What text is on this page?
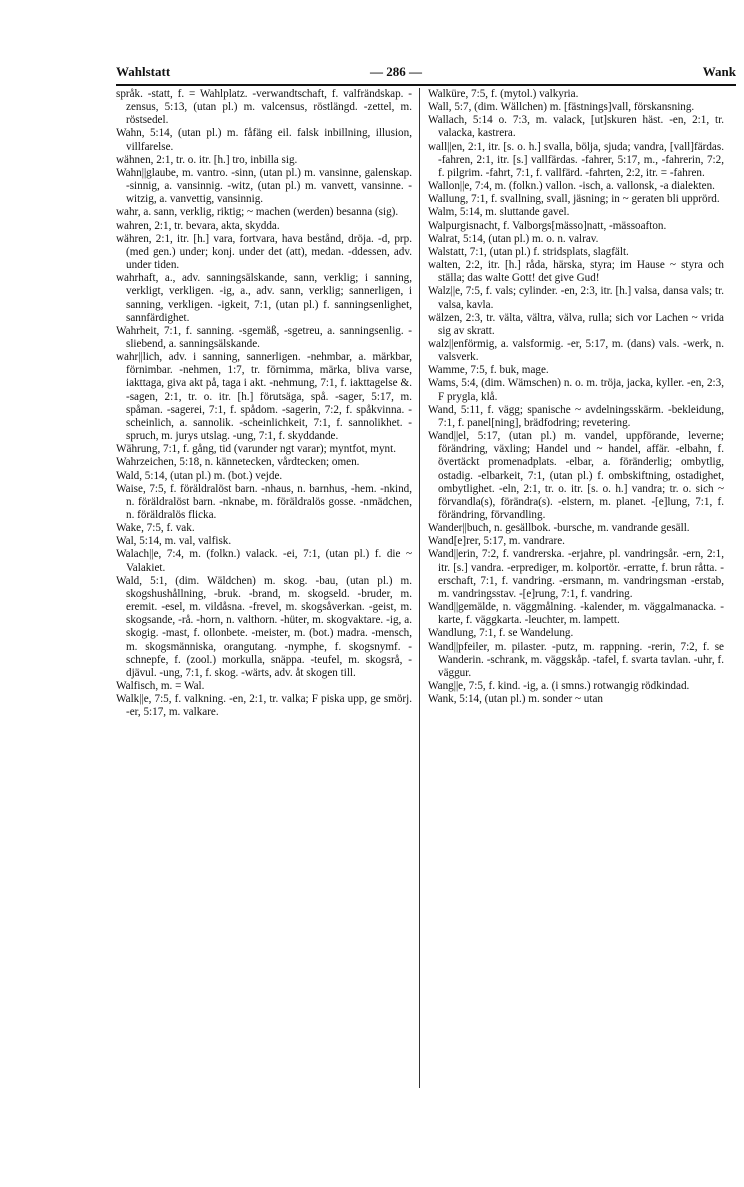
Wahlstatt	— 286 —	Wank

språk. -statt, f. = Wahlplatz. -verwandtschaft, f. valfrändskap. -zensus, 5:13, (utan pl.) m. valcensus, röstlängd. -zettel, m. röstsedel.

Wahn, 5:14, (utan pl.) m. fåfäng eil. falsk inbillning, illusion, villfarelse.

wähnen, 2:1, tr. o. itr. [h.] tro, inbilla sig.

Wahn||glaube, m. vantro. -sinn, (utan pl.) m. vansinne, galenskap. -sinnig, a. vansinnig. -witz, (utan pl.) m. vanvett, vansinne. -witzig, a. vanvettig, vansinnig.

wahr, a. sann, verklig, riktig; ~ machen (werden) besanna (sig).

wahren, 2:1, tr. bevara, akta, skydda.

währen, 2:1, itr. [h.] vara, fortvara, hava bestånd, dröja. -d, prp. (med gen.) under; konj. under det (att), medan. -ddessen, adv. under tiden.

wahrhaft, a., adv. sanningsälskande, sann, verklig; i sanning, verkligt, verkligen. -ig, a., adv. sann, verklig; sannerligen, i sanning, verkligen. -igkeit, 7:1, (utan pl.) f. sanningsenlighet, sannfärdighet.

Wahrheit, 7:1, f. sanning. -sgemäß, -sgetreu, a. sanningsenlig. -sliebend, a. sanningsälskande.

wahr||lich, adv. i sanning, sannerligen. -nehmbar, a. märkbar, förnimbar. -nehmen, 1:7, tr. förnimma, märka, bliva varse, iakttaga, giva akt på, taga i akt. -nehmung, 7:1, f. iakttagelse &. -sagen, 2:1, tr. o. itr. [h.] förutsäga, spå. -sager, 5:17, m. spåman. -sagerei, 7:1, f. spådom. -sagerin, 7:2, f. spåkvinna. -scheinlich, a. sannolik. -scheinlichkeit, 7:1, f. sannolikhet. -spruch, m. jurys utslag. -ung, 7:1, f. skyddande.

Währung, 7:1, f. gång, tid (varunder ngt varar); myntfot, mynt.

Wahrzeichen, 5:18, n. kännetecken, vårdtecken; omen.

Wald, 5:14, (utan pl.) m. (bot.) vejde.

Waise, 7:5, f. föräldralöst barn. -nhaus, n. barnhus, -hem. -nkind, n. föräldralöst barn. -nknabe, m. föräldralös gosse. -nmädchen, n. föräldralös flicka.

Wake, 7:5, f. vak.

Wal, 5:14, m. val, valfisk.

Walach||e, 7:4, m. (folkn.) valack. -ei, 7:1, (utan pl.) f. die ~ Valakiet.

Wald, 5:1, (dim. Wäldchen) m. skog. -bau, (utan pl.) m. skogshushållning, -bruk. -brand, m. skogseld. -bruder, m. eremit. -esel, m. vildåsna. -frevel, m. skogsåverkan. -geist, m. skogsande, -rå. -horn, n. valthorn. -hüter, m. skogvaktare. -ig, a. skogig. -mast, f. ollonbete. -meister, m. (bot.) madra. -mensch, m. skogsmänniska, orangutang. -nymphe, f. skogsnymf. -schnepfe, f. (zool.) morkulla, snäppa. -teufel, m. skogsrå, -djävul. -ung, 7:1, f. skog. -wärts, adv. åt skogen till.

Walfisch, m. = Wal.

Walk||e, 7:5, f. valkning. -en, 2:1, tr. valka; F piska upp, ge smörj. -er, 5:17, m. valkare.

Walküre, 7:5, f. (mytol.) valkyria.

Wall, 5:7, (dim. Wällchen) m. [fästnings]vall, förskansning.

Wallach, 5:14 o. 7:3, m. valack, [ut]skuren häst. -en, 2:1, tr. valacka, kastrera.

wall||en, 2:1, itr. [s. o. h.] svalla, bölja, sjuda; vandra, [vall]färdas. -fahren, 2:1, itr. [s.] vallfärdas. -fahrer, 5:17, m., -fahrerin, 7:2, f. pilgrim. -fahrt, 7:1, f. vallfärd. -fahrten, 2:2, itr. = -fahren.

Wallon||e, 7:4, m. (folkn.) vallon. -isch, a. vallonsk, -a dialekten.

Wallung, 7:1, f. svallning, svall, jäsning; in ~ geraten bli upprörd.

Walm, 5:14, m. sluttande gavel.

Walpurgisnacht, f. Valborgs[mässo]natt, -mässoafton.

Walrat, 5:14, (utan pl.) m. o. n. valrav.

Walstatt, 7:1, (utan pl.) f. stridsplats, slagfält.

walten, 2:2, itr. [h.] råda, härska, styra; im Hause ~ styra och ställa; das walte Gott! det give Gud!

Walz||e, 7:5, f. vals; cylinder. -en, 2:3, itr. [h.] valsa, dansa vals; tr. valsa, kavla.

wälzen, 2:3, tr. välta, vältra, välva, rulla; sich vor Lachen ~ vrida sig av skratt.

walz||enförmig, a. valsformig. -er, 5:17, m. (dans) vals. -werk, n. valsverk.

Wamme, 7:5, f. buk, mage.

Wams, 5:4, (dim. Wämschen) n. o. m. tröja, jacka, kyller. -en, 2:3, F prygla, klå.

Wand, 5:11, f. vägg; spanische ~ avdelningsskärm. -bekleidung, 7:1, f. panel[ning], brädfodring; revetering.

Wand||el, 5:17, (utan pl.) m. vandel, uppförande, leverne; förändring, växling; Handel und ~ handel, affär. -elbahn, f. övertäckt promenadplats. -elbar, a. föränderlig; ombytlig, ostadig. -elbarkeit, 7:1, (utan pl.) f. ombskiftning, ostadighet, ombytlighet. -eln, 2:1, tr. o. itr. [s. o. h.] vandra; tr. o. sich ~ förvandla(s), förändra(s). -elstern, m. planet. -[e]lung, 7:1, f. förändring, förvandling.

Wander||buch, n. gesällbok. -bursche, m. vandrande gesäll.

Wand[e]rer, 5:17, m. vandrare.

Wand||erin, 7:2, f. vandrerska. -erjahre, pl. vandringsår. -ern, 2:1, itr. [s.] vandra. -erprediger, m. kolportör. -erratte, f. brun råtta. -erschaft, 7:1, f. vandring. -ersmann, m. vandringsman -erstab, m. vandringsstav. -[e]rung, 7:1, f. vandring.

Wand||gemälde, n. väggmålning. -kalender, m. väggalmanacka. -karte, f. väggkarta. -leuchter, m. lampett.

Wandlung, 7:1, f. se Wandelung.

Wand||pfeiler, m. pilaster. -putz, m. rappning. -rerin, 7:2, f. se Wanderin. -schrank, m. väggskåp. -tafel, f. svarta tavlan. -uhr, f. väggur.

Wang||e, 7:5, f. kind. -ig, a. (i smns.) rotwangig rödkindad.

Wank, 5:14, (utan pl.) m. sonder ~ utan
